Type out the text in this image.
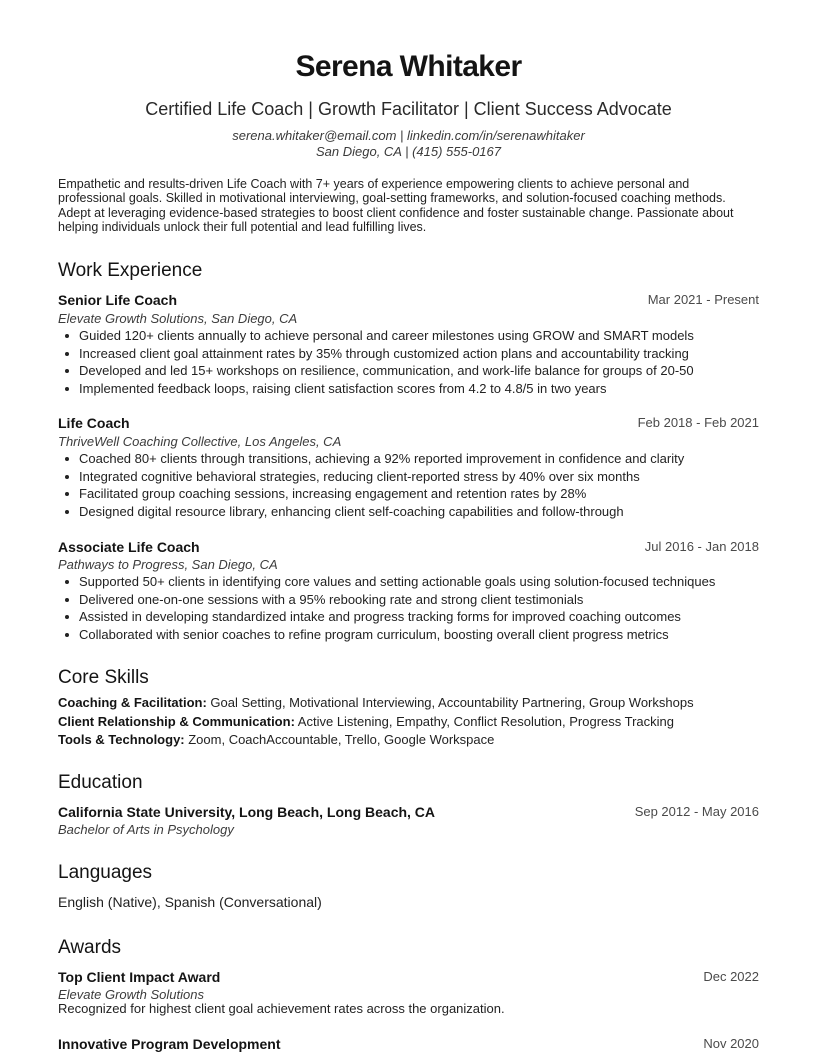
Serena Whitaker
Certified Life Coach | Growth Facilitator | Client Success Advocate
serena.whitaker@email.com | linkedin.com/in/serenawhitaker
San Diego, CA | (415) 555-0167
Empathetic and results-driven Life Coach with 7+ years of experience empowering clients to achieve personal and professional goals. Skilled in motivational interviewing, goal-setting frameworks, and solution-focused coaching methods. Adept at leveraging evidence-based strategies to boost client confidence and foster sustainable change. Passionate about helping individuals unlock their full potential and lead fulfilling lives.
Work Experience
Senior Life Coach	Mar 2021 - Present
Elevate Growth Solutions, San Diego, CA
Guided 120+ clients annually to achieve personal and career milestones using GROW and SMART models
Increased client goal attainment rates by 35% through customized action plans and accountability tracking
Developed and led 15+ workshops on resilience, communication, and work-life balance for groups of 20-50
Implemented feedback loops, raising client satisfaction scores from 4.2 to 4.8/5 in two years
Life Coach	Feb 2018 - Feb 2021
ThriveWell Coaching Collective, Los Angeles, CA
Coached 80+ clients through transitions, achieving a 92% reported improvement in confidence and clarity
Integrated cognitive behavioral strategies, reducing client-reported stress by 40% over six months
Facilitated group coaching sessions, increasing engagement and retention rates by 28%
Designed digital resource library, enhancing client self-coaching capabilities and follow-through
Associate Life Coach	Jul 2016 - Jan 2018
Pathways to Progress, San Diego, CA
Supported 50+ clients in identifying core values and setting actionable goals using solution-focused techniques
Delivered one-on-one sessions with a 95% rebooking rate and strong client testimonials
Assisted in developing standardized intake and progress tracking forms for improved coaching outcomes
Collaborated with senior coaches to refine program curriculum, boosting overall client progress metrics
Core Skills
Coaching & Facilitation: Goal Setting, Motivational Interviewing, Accountability Partnering, Group Workshops
Client Relationship & Communication: Active Listening, Empathy, Conflict Resolution, Progress Tracking
Tools & Technology: Zoom, CoachAccountable, Trello, Google Workspace
Education
California State University, Long Beach, Long Beach, CA	Sep 2012 - May 2016
Bachelor of Arts in Psychology
Languages
English (Native), Spanish (Conversational)
Awards
Top Client Impact Award	Dec 2022
Elevate Growth Solutions
Recognized for highest client goal achievement rates across the organization.
Innovative Program Development	Nov 2020
